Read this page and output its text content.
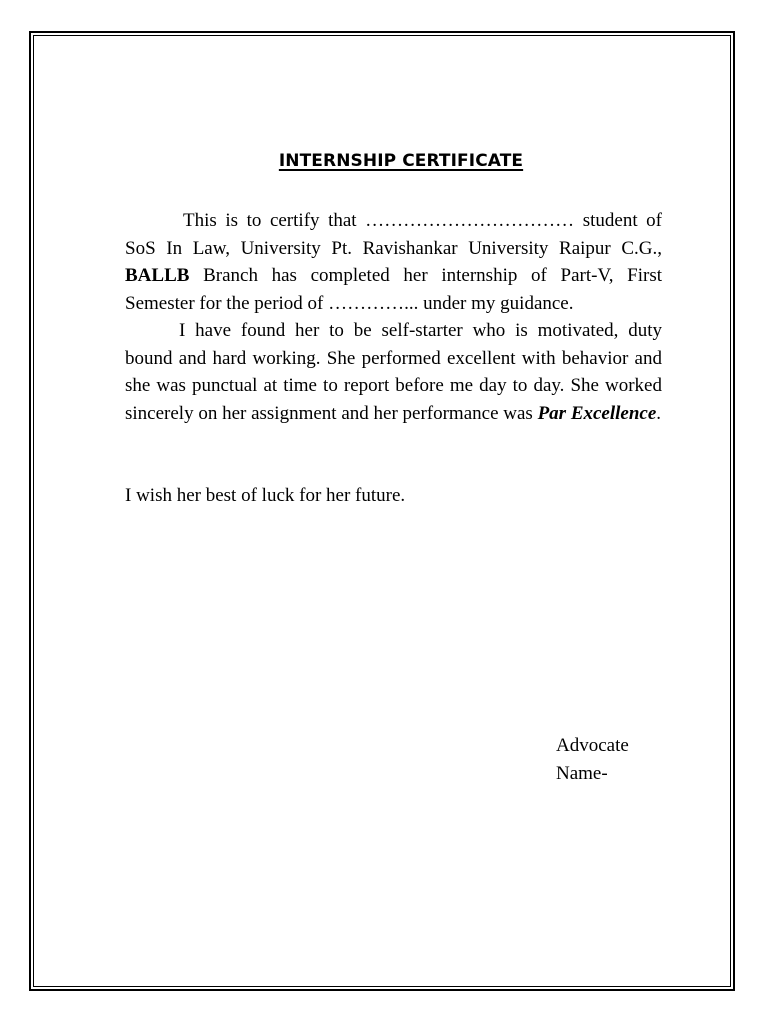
INTERNSHIP CERTIFICATE

This is to certify that …………………………… student of SoS In Law, University Pt. Ravishankar University Raipur C.G., BALLB Branch has completed her internship of Part-V, First Semester for the period of …………... under my guidance.

I have found her to be self-starter who is motivated, duty bound and hard working. She performed excellent with behavior and she was punctual at time to report before me day to day. She worked sincerely on her assignment and her performance was Par Excellence.

I wish her best of luck for her future.
Advocate
Name-
